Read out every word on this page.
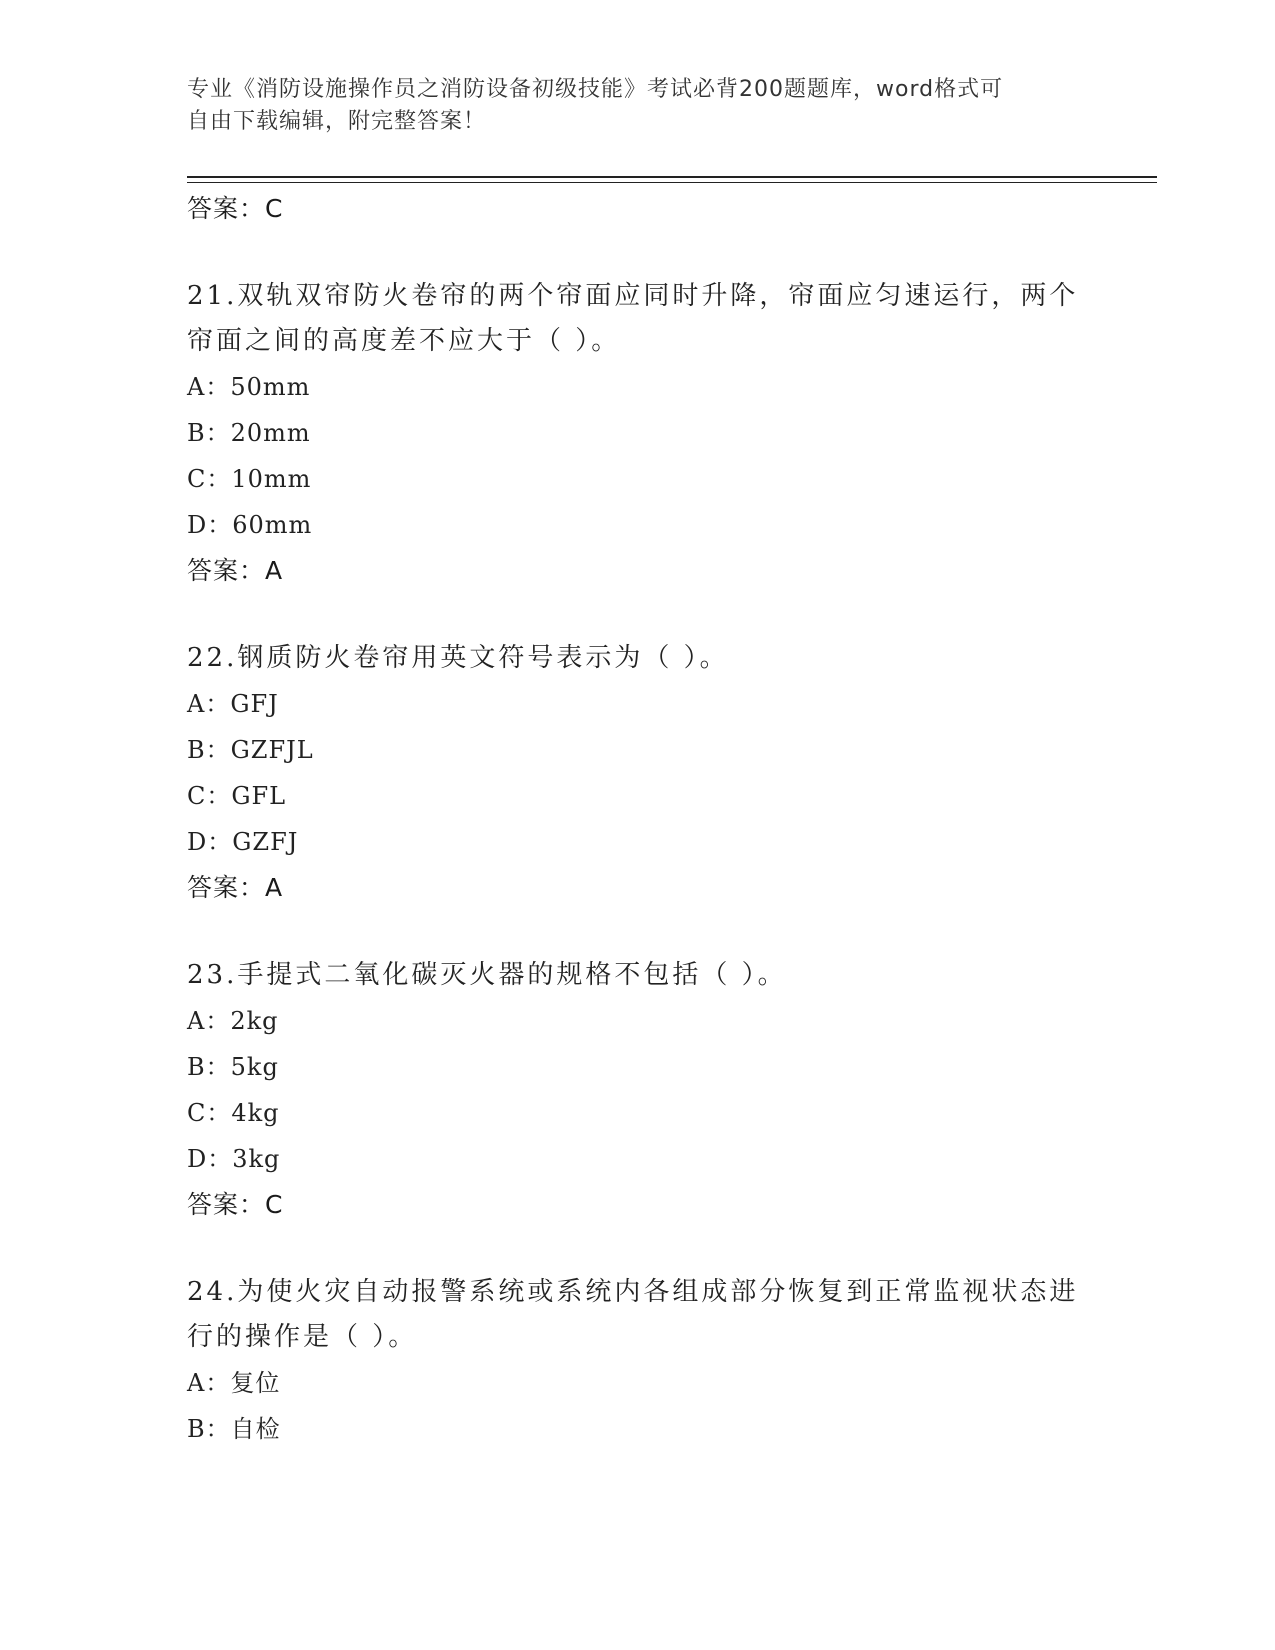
专业《消防设施操作员之消防设备初级技能》考试必背200题题库，word格式可
自由下载编辑，附完整答案！
答案：C
21.双轨双帘防火卷帘的两个帘面应同时升降，帘面应匀速运行，两个
帘面之间的高度差不应大于（ ）。
A：50mm
B：20mm
C：10mm
D：60mm
答案：A
22.钢质防火卷帘用英文符号表示为（ ）。
A：GFJ
B：GZFJL
C：GFL
D：GZFJ
答案：A
23.手提式二氧化碳灭火器的规格不包括（ ）。
A：2kg
B：5kg
C：4kg
D：3kg
答案：C
24.为使火灾自动报警系统或系统内各组成部分恢复到正常监视状态进
行的操作是（ ）。
A：复位
B：自检
